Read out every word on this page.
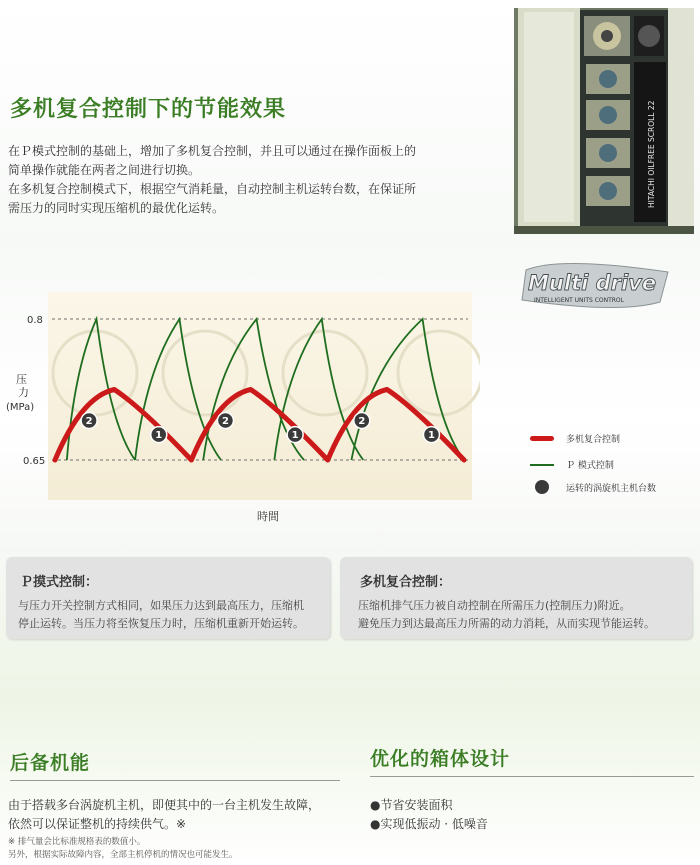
多机复合控制下的节能效果

在Ｐ模式控制的基础上，增加了多机复合控制，并且可以通过在操作面板上的

简单操作就能在两者之间进行切换。

在多机复合控制模式下，根据空气消耗量，自动控制主机运转台数，在保证所

需压力的同时实现压缩机的最优化运转。	HITACHI OILFREE SCROLL 22
Multi drive
INTELLIGENT UNITS CONTROL
0.8
0.65
压
力
(MPa)
時間
2
1
2
1
2
1	多机复合控制
Ｐ 模式控制
运转的涡旋机主机台数
Ｐ摸式控制：

与压力开关控制方式相同，如果压力达到最高压力，压缩机

停止运转。当压力将至恢复压力时，压缩机重新开始运转。

多机复合控制：

压缩机排气压力被自动控制在所需压力(控制压力)附近。

避免压力到达最高压力所需的动力消耗，从而实现节能运转。

后备机能

由于搭载多台涡旋机主机，即便其中的一台主机发生故障，

依然可以保证整机的持续供气。※

※ 排气量会比标准规格表的数值小。

另外，根据实际故障内容，全部主机停机的情况也可能发生。

优化的箱体设计

●节省安装面积

●实现低振动 · 低噪音
